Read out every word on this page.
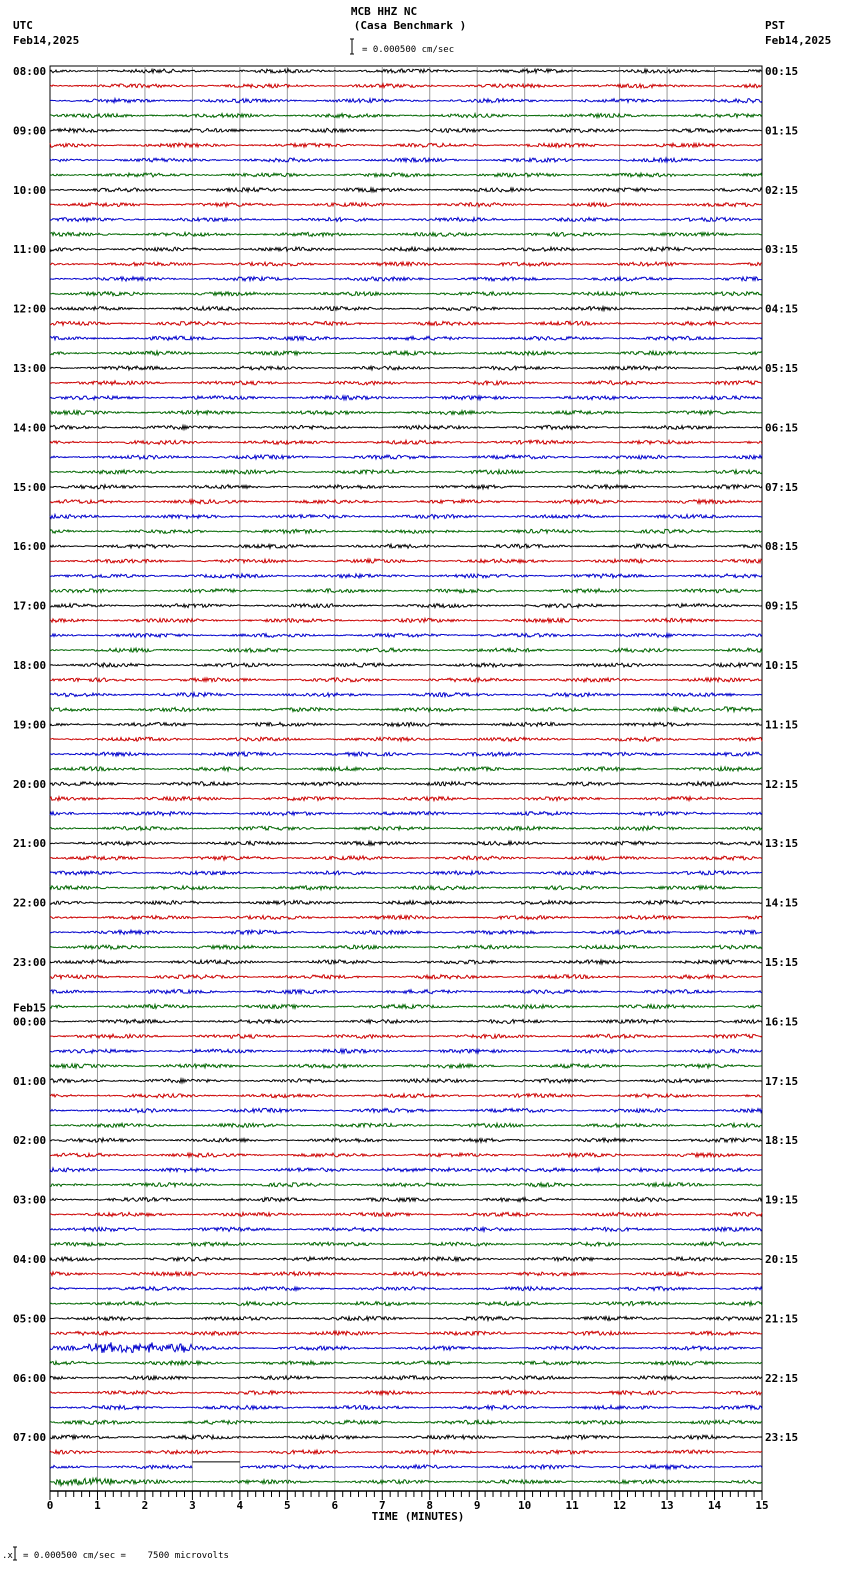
MCB HHZ NC
(Casa Benchmark )
UTC
Feb14,2025
PST
Feb14,2025
= 0.000500 cm/sec
08:00	00:15
09:00	01:15
10:00	02:15
11:00	03:15
12:00	04:15
13:00	05:15
14:00	06:15
15:00	07:15
16:00	08:15
17:00	09:15
18:00	10:15
19:00	11:15
20:00	12:15
21:00	13:15
22:00	14:15
23:00	15:15
00:00	16:15
Feb15
01:00	17:15
02:00	18:15
03:00	19:15
04:00	20:15
05:00	21:15
06:00	22:15
07:00	23:15
0	1	2	3	4	5	6	7	8	9	10	11	12	13	14	15
TIME (MINUTES)
.x = 0.000500 cm/sec =    7500 microvolts
